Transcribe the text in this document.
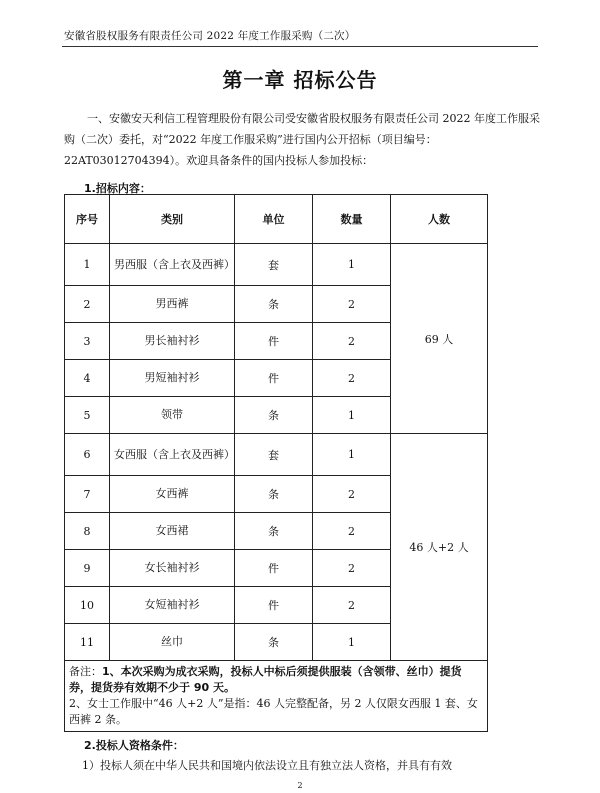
安徽省股权服务有限责任公司 2022 年度工作服采购（二次）
第一章 招标公告

一、安徽安天利信工程管理股份有限公司受安徽省股权服务有限责任公司 2022 年度工作服采购（二次）委托，对“2022 年度工作服采购”进行国内公开招标（项目编号：22AT03012704394）。欢迎具备条件的国内投标人参加投标：

1.招标内容：
序号	类别	单位	数量	人数
1	男西服（含上衣及西裤）	套	1	69 人
2	男西裤	条	2	
3	男长袖衬衫	件	2	
4	男短袖衬衫	件	2	
5	领带	条	1	
6	女西服（含上衣及西裤）	套	1	46 人+2 人
7	女西裤	条	2	
8	女西裙	条	2	
9	女长袖衬衫	件	2	
10	女短袖衬衫	件	2	
11	丝巾	条	1	
备注：1、本次采购为成衣采购，投标人中标后须提供服装（含领带、丝巾）提货券，提货券有效期不少于 90 天。
2、女士工作服中“46 人+2 人”是指：46 人完整配备，另 2 人仅限女西服 1 套、女西裤 2 条。				
2.投标人资格条件：
1）投标人须在中华人民共和国境内依法设立且有独立法人资格，并具有有效
2
